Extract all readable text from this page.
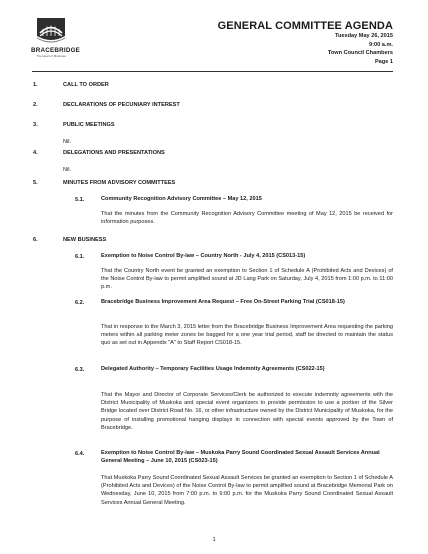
BRACEBRIDGE
The Heart of Muskoka
GENERAL COMMITTEE AGENDA
Tuesday May 26, 2015
9:00 a.m.
Town Council Chambers
Page 1
1.	CALL TO ORDER
2.	DECLARATIONS OF PECUNIARY INTEREST
3.	PUBLIC MEETINGS
Nil.
4.	DELEGATIONS AND PRESENTATIONS
Nil.
5.	MINUTES FROM ADVISORY COMMITTEES
5.1.	Community Recognition Advisory Committee – May 12, 2015
That the minutes from the Community Recognition Advisory Committee meeting of May 12, 2015 be received for information purposes.
6.	NEW BUSINESS
6.1.	Exemption to Noise Control By-law – Country North - July 4, 2015 (CS013-15)
That the Country North event be granted an exemption to Section 1 of Schedule A (Prohibited Acts and Devices) of the Noise Control By-law to permit amplified sound at JD Lang Park on Saturday, July 4, 2015 from 1:00 p.m. to 11:00 p.m.
6.2.	Bracebridge Business Improvement Area Request – Free On-Street Parking Trial (CS018-15)
That in response to the March 3, 2015 letter from the Bracebridge Business Improvement Area requesting the parking meters within all parking meter zones be bagged for a one year trial period, staff be directed to maintain the status quo as set out in Appendix "A" to Staff Report CS018-15.
6.3.	Delegated Authority – Temporary Facilities Usage Indemnity Agreements (CS022-15)
That the Mayor and Director of Corporate Services/Clerk be authorized to execute indemnity agreements with the District Municipality of Muskoka and special event organizers to provide permission to use a portion of the Silver Bridge located over District Road No. 16, or other infrastructure owned by the District Municipality of Muskoka, for the purpose of installing promotional hanging displays in connection with special events approved by the Town of Bracebridge.
6.4.	Exemption to Noise Control By-law – Muskoka Parry Sound Coordinated Sexual Assault Services Annual General Meeting – June 10, 2015 (CS023-15)
That Muskoka Parry Sound Coordinated Sexual Assault Services be granted an exemption to Section 1 of Schedule A (Prohibited Acts and Devices) of the Noise Control By-law to permit amplified sound at Bracebridge Memorial Park on Wednesday, June 10, 2015 from 7:00 p.m. to 9:00 p.m. for the Muskoka Parry Sound Coordinated Sexual Assault Services Annual General Meeting.
1
